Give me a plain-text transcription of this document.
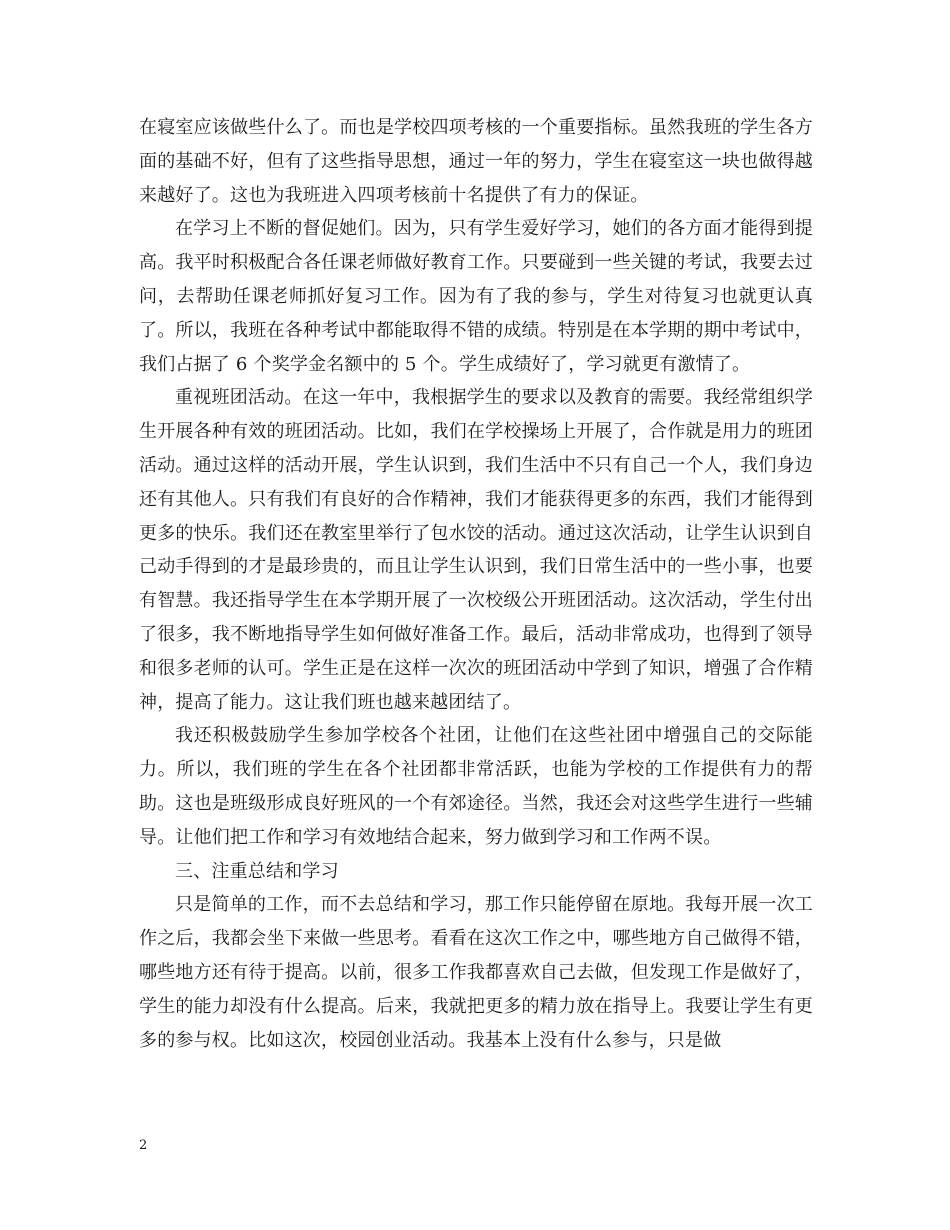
在寝室应该做些什么了。而也是学校四项考核的一个重要指标。虽然我班的学生各方面的基础不好，但有了这些指导思想，通过一年的努力，学生在寝室这一块也做得越来越好了。这也为我班进入四项考核前十名提供了有力的保证。

在学习上不断的督促她们。因为，只有学生爱好学习，她们的各方面才能得到提高。我平时积极配合各任课老师做好教育工作。只要碰到一些关键的考试，我要去过问，去帮助任课老师抓好复习工作。因为有了我的参与，学生对待复习也就更认真了。所以，我班在各种考试中都能取得不错的成绩。特别是在本学期的期中考试中，我们占据了 6 个奖学金名额中的 5 个。学生成绩好了，学习就更有激情了。

重视班团活动。在这一年中，我根据学生的要求以及教育的需要。我经常组织学生开展各种有效的班团活动。比如，我们在学校操场上开展了，合作就是用力的班团活动。通过这样的活动开展，学生认识到，我们生活中不只有自己一个人，我们身边还有其他人。只有我们有良好的合作精神，我们才能获得更多的东西，我们才能得到更多的快乐。我们还在教室里举行了包水饺的活动。通过这次活动，让学生认识到自己动手得到的才是最珍贵的，而且让学生认识到，我们日常生活中的一些小事，也要有智慧。我还指导学生在本学期开展了一次校级公开班团活动。这次活动，学生付出了很多，我不断地指导学生如何做好准备工作。最后，活动非常成功，也得到了领导和很多老师的认可。学生正是在这样一次次的班团活动中学到了知识，增强了合作精神，提高了能力。这让我们班也越来越团结了。

我还积极鼓励学生参加学校各个社团，让他们在这些社团中增强自己的交际能力。所以，我们班的学生在各个社团都非常活跃，也能为学校的工作提供有力的帮助。这也是班级形成良好班风的一个有郊途径。当然，我还会对这些学生进行一些辅导。让他们把工作和学习有效地结合起来，努力做到学习和工作两不误。

三、注重总结和学习

只是简单的工作，而不去总结和学习，那工作只能停留在原地。我每开展一次工作之后，我都会坐下来做一些思考。看看在这次工作之中，哪些地方自己做得不错，哪些地方还有待于提高。以前，很多工作我都喜欢自己去做，但发现工作是做好了，学生的能力却没有什么提高。后来，我就把更多的精力放在指导上。我要让学生有更多的参与权。比如这次，校园创业活动。我基本上没有什么参与，只是做

2
